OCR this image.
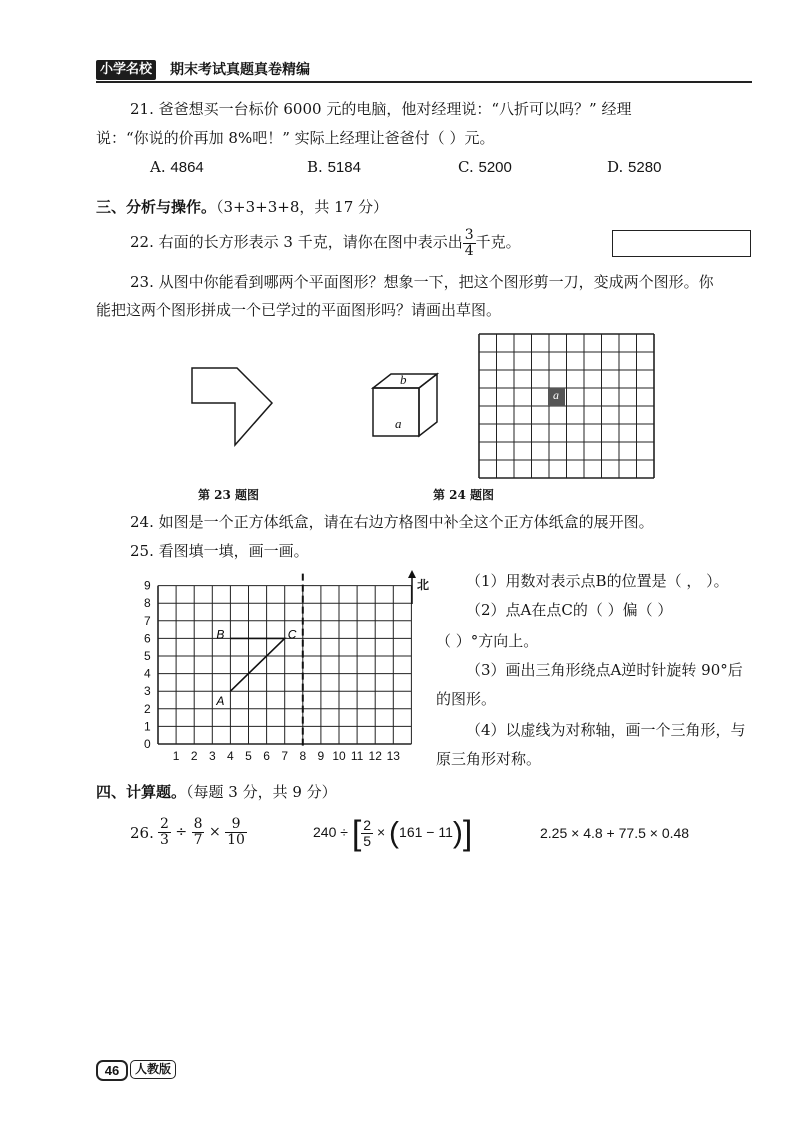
小学名校 期末考试真题真卷精编
21. 爸爸想买一台标价 6000 元的电脑，他对经理说：“八折可以吗？” 经理
说：“你说的价再加 8%吧！” 实际上经理让爸爸付（ ）元。
A. 4864	B. 5184	C. 5200	D. 5280
三、分析与操作。（3+3+3+8，共 17 分）
22. 右面的长方形表示 3 千克，请你在图中表示出 $\frac{3}{4}$ 千克。
23. 从图中你能看到哪两个平面图形？想象一下，把这个图形剪一刀，变成两个图形。你
能把这两个图形拼成一个已学过的平面图形吗？请画出草图。
第 23 题图
b
a
a
第 24 题图
24. 如图是一个正方体纸盒，请在右边方格图中补全这个正方体纸盒的展开图。
25. 看图填一填，画一画。
0
1
2
3
4
5
6
7
8
9
1 2 3 4 5 6 7 8 9 10 11 12 13
A
B	C
北 （1）用数对表示点B的位置是（ ， ）。
（2）点A在点C的（ ）偏（ ）
（ ）°方向上。
（3）画出三角形绕点A逆时针旋转 90°后
的图形。
（4）以虚线为对称轴，画一个三角形，与
原三角形对称。
四、计算题。（每题 3 分，共 9 分）
26. $\frac{2}{3} \div \frac{8}{7} \times \frac{9}{10}$	240 ÷ [ $\frac{2}{5} \times (161 - 11)$]	2.25 × 4.8 + 77.5 × 0.48
46	人教版
